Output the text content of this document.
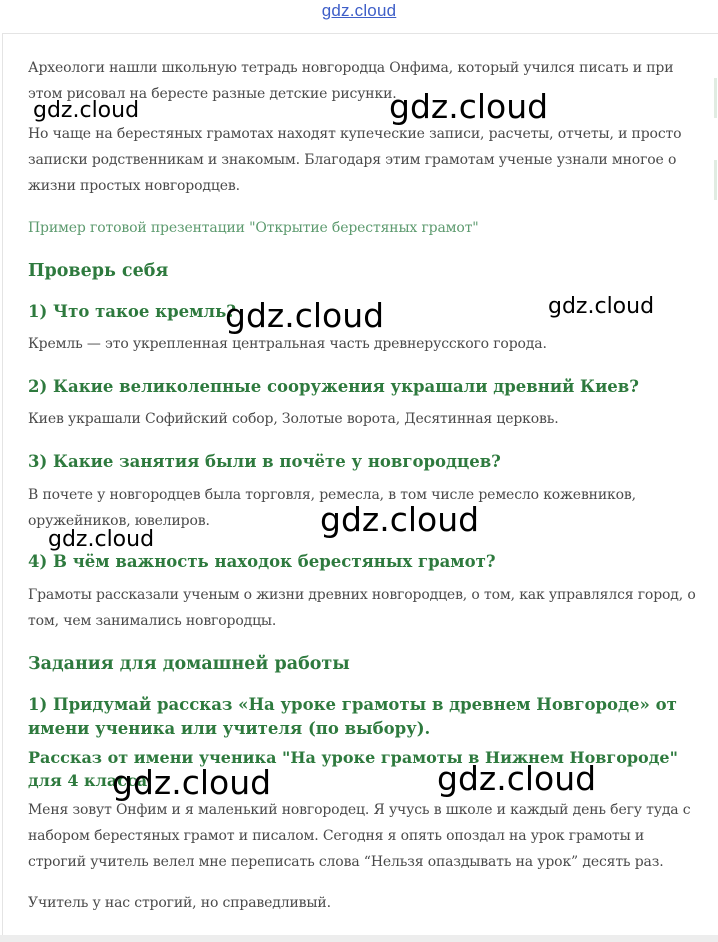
gdz.cloud

Археологи нашли школьную тетрадь новгородца Онфима, который учился писать и при этом рисовал на бересте разные детские рисунки.

Но чаще на берестяных грамотах находят купеческие записи, расчеты, отчеты, и просто записки родственникам и знакомым. Благодаря этим грамотам ученые узнали многое о жизни простых новгородцев.

Пример готовой презентации "Открытие берестяных грамот"

Проверь себя

1) Что такое кремль?

Кремль — это укрепленная центральная часть древнерусского города.

2) Какие великолепные сооружения украшали древний Киев?

Киев украшали Софийский собор, Золотые ворота, Десятинная церковь.

3) Какие занятия были в почёте у новгородцев?

В почете у новгородцев была торговля, ремесла, в том числе ремесло кожевников, оружейников, ювелиров.

4) В чём важность находок берестяных грамот?

Грамоты рассказали ученым о жизни древних новгородцев, о том, как управлялся город, о том, чем занимались новгородцы.

Задания для домашней работы

1) Придумай рассказ «На уроке грамоты в древнем Новгороде» от имени ученика или учителя (по выбору).

Рассказ от имени ученика "На уроке грамоты в Нижнем Новгороде" для 4 класса

Меня зовут Онфим и я маленький новгородец. Я учусь в школе и каждый день бегу туда с набором берестяных грамот и писалом. Сегодня я опять опоздал на урок грамоты и строгий учитель велел мне переписать слова “Нельзя опаздывать на урок” десять раз.

Учитель у нас строгий, но справедливый.

gdz.cloud	gdz.cloud
gdz.cloud	gdz.cloud
gdz.cloud
gdz.cloud
gdz.cloud	gdz.cloud
